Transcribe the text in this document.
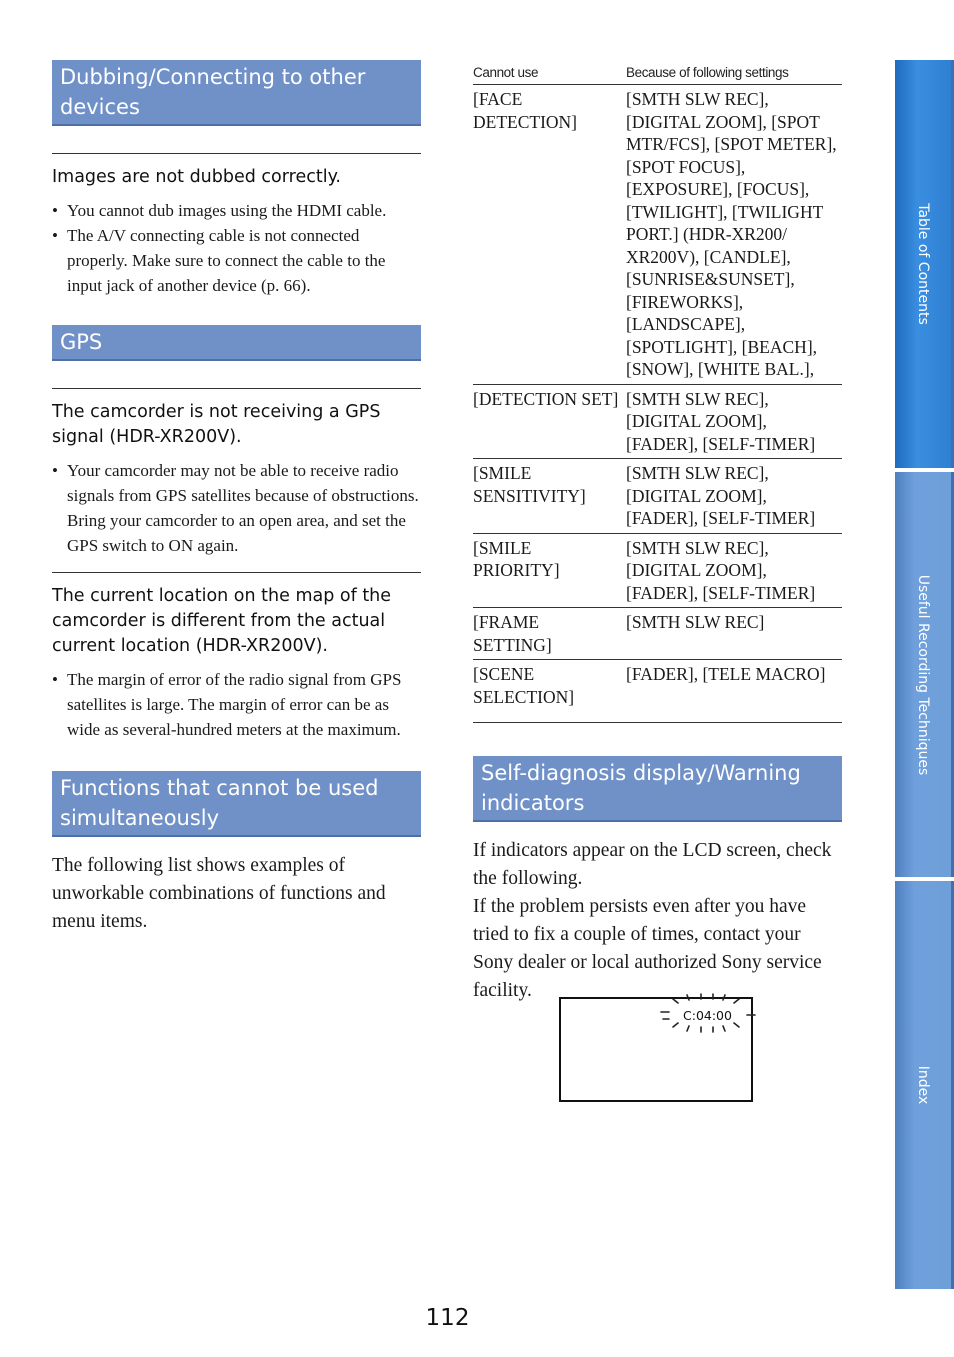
Dubbing/Connecting to other devices
Images are not dubbed correctly.
• You cannot dub images using the HDMI cable.
• The A/V connecting cable is not connected properly. Make sure to connect the cable to the input jack of another device (p. 66).
GPS
The camcorder is not receiving a GPS signal (HDR-XR200V).
• Your camcorder may not be able to receive radio signals from GPS satellites because of obstructions. Bring your camcorder to an open area, and set the GPS switch to ON again.
The current location on the map of the camcorder is different from the actual current location (HDR-XR200V).
• The margin of error of the radio signal from GPS satellites is large. The margin of error can be as wide as several-hundred meters at the maximum.
Functions that cannot be used simultaneously
The following list shows examples of unworkable combinations of functions and menu items.
Cannot use	Because of following settings
[FACE DETECTION]	[SMTH SLW REC], [DIGITAL ZOOM], [SPOT MTR/FCS], [SPOT METER], [SPOT FOCUS], [EXPOSURE], [FOCUS], [TWILIGHT], [TWILIGHT PORT.] (HDR-XR200/ XR200V), [CANDLE], [SUNRISE&SUNSET], [FIREWORKS], [LANDSCAPE], [SPOTLIGHT], [BEACH], [SNOW], [WHITE BAL.],
[DETECTION SET]	[SMTH SLW REC], [DIGITAL ZOOM], [FADER], [SELF-TIMER]
[SMILE SENSITIVITY]	[SMTH SLW REC], [DIGITAL ZOOM], [FADER], [SELF-TIMER]
[SMILE PRIORITY]	[SMTH SLW REC], [DIGITAL ZOOM], [FADER], [SELF-TIMER]
[FRAME SETTING]	[SMTH SLW REC]
[SCENE SELECTION]	[FADER], [TELE MACRO]
Self-diagnosis display/Warning indicators
If indicators appear on the LCD screen, check the following.
If the problem persists even after you have tried to fix a couple of times, contact your Sony dealer or local authorized Sony service facility.
C:04:00
Table of Contents
Useful Recording Techniques
Index
112
